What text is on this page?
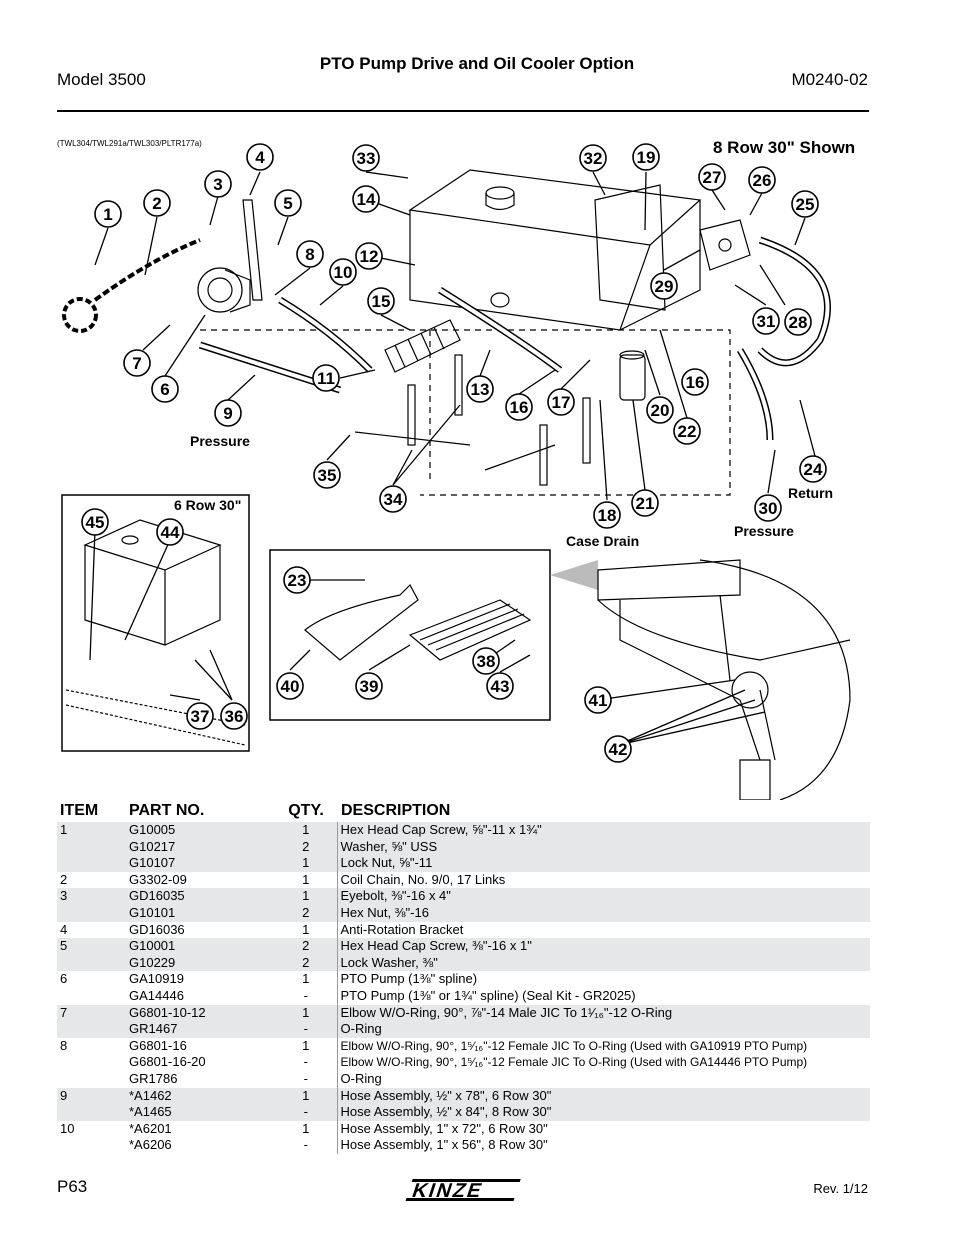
Model 3500
PTO Pump Drive and Oil Cooler Option
M0240-02
(TWL304/TWL291a/TWL303/PLTR177a)	8 Row 30" Shown
1
2
3
4
5
6
7
8
9
10
11
12
13
14
15
16
16 17
18
19
20
21
22
23
24
25
26
27
28
29
30
31
32
33
34
35
36
37
38
39
40
41
42
43
44
45
Pressure
Return
Pressure
Case Drain
6 Row 30"
ITEM	PART NO.	QTY.	DESCRIPTION
1	G10005	1	Hex Head Cap Screw, ⅝"-11 x 1¾"
	G10217	2	Washer, ⅝" USS
	G10107	1	Lock Nut, ⅝"-11
2	G3302-09	1	Coil Chain, No. 9/0, 17 Links
3	GD16035	1	Eyebolt, ⅜"-16 x 4"
	G10101	2	Hex Nut, ⅜"-16
4	GD16036	1	Anti-Rotation Bracket
5	G10001	2	Hex Head Cap Screw, ⅜"-16 x 1"
	G10229	2	Lock Washer, ⅜"
6	GA10919	1	PTO Pump (1⅜" spline)
	GA14446	-	PTO Pump (1⅜" or 1¾" spline) (Seal Kit - GR2025)
7	G6801-10-12	1	Elbow W/O-Ring, 90°, ⅞"-14 Male JIC To 1¹⁄₁₆"-12 O-Ring
	GR1467	-	O-Ring
8	G6801-16	1	Elbow W/O-Ring, 90°, 1⁵⁄₁₆"-12 Female JIC To O-Ring (Used with GA10919 PTO Pump)
	G6801-16-20	-	Elbow W/O-Ring, 90°, 1⁵⁄₁₆"-12 Female JIC To O-Ring (Used with GA14446 PTO Pump)
	GR1786	-	O-Ring
9	*A1462	1	Hose Assembly, ½" x 78", 6 Row 30"
	*A1465	-	Hose Assembly, ½" x 84", 8 Row 30"
10	*A6201	1	Hose Assembly, 1" x 72", 6 Row 30"
	*A6206	-	Hose Assembly, 1" x 56", 8 Row 30"
P63	KINZE	Rev. 1/12
